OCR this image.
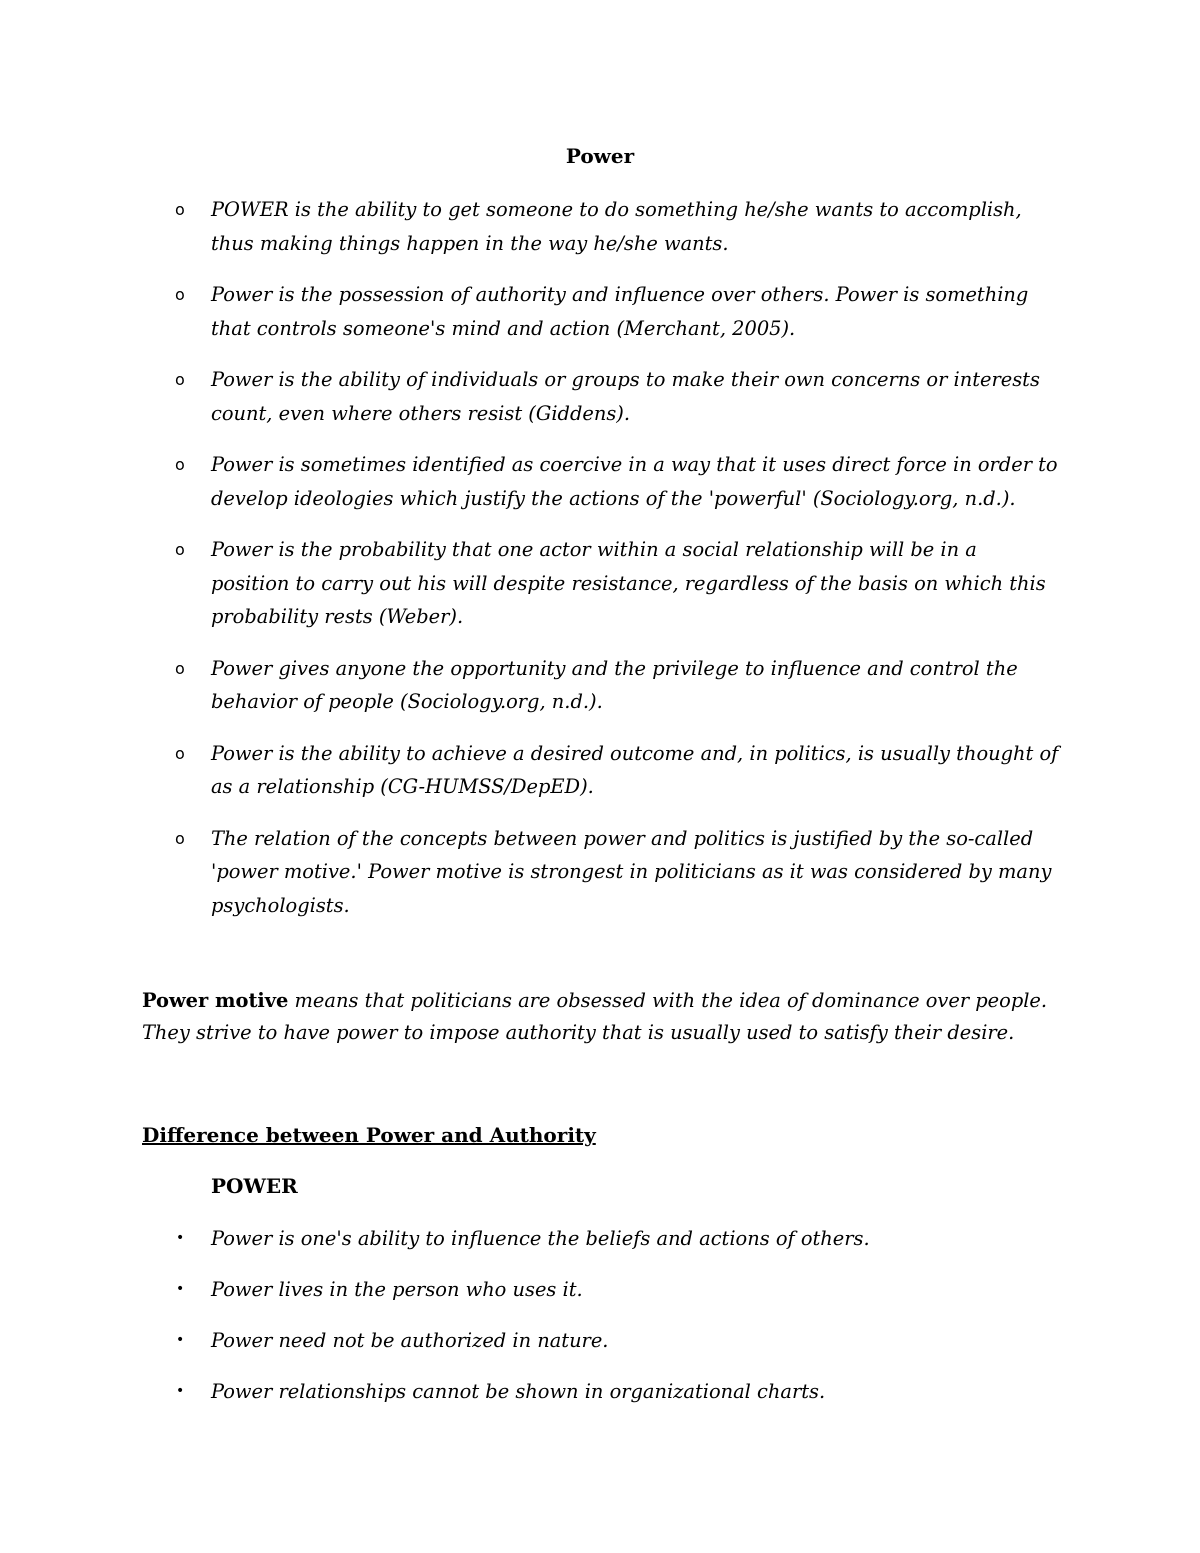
Power
o POWER is the ability to get someone to do something he/she wants to accomplish, thus making things happen in the way he/she wants.
o Power is the possession of authority and influence over others. Power is something that controls someone's mind and action (Merchant, 2005).
o Power is the ability of individuals or groups to make their own concerns or interests count, even where others resist (Giddens).
o Power is sometimes identified as coercive in a way that it uses direct force in order to develop ideologies which justify the actions of the 'powerful' (Sociology.org, n.d.).
o Power is the probability that one actor within a social relationship will be in a position to carry out his will despite resistance, regardless of the basis on which this probability rests (Weber).
o Power gives anyone the opportunity and the privilege to influence and control the behavior of people (Sociology.org, n.d.).
o Power is the ability to achieve a desired outcome and, in politics, is usually thought of as a relationship (CG-HUMSS/DepED).
o The relation of the concepts between power and politics is justified by the so-called 'power motive.' Power motive is strongest in politicians as it was considered by many psychologists.

Power motive means that politicians are obsessed with the idea of dominance over people. They strive to have power to impose authority that is usually used to satisfy their desire.

Difference between Power and Authority
POWER
• Power is one's ability to influence the beliefs and actions of others.
• Power lives in the person who uses it.
• Power need not be authorized in nature.
• Power relationships cannot be shown in organizational charts.
